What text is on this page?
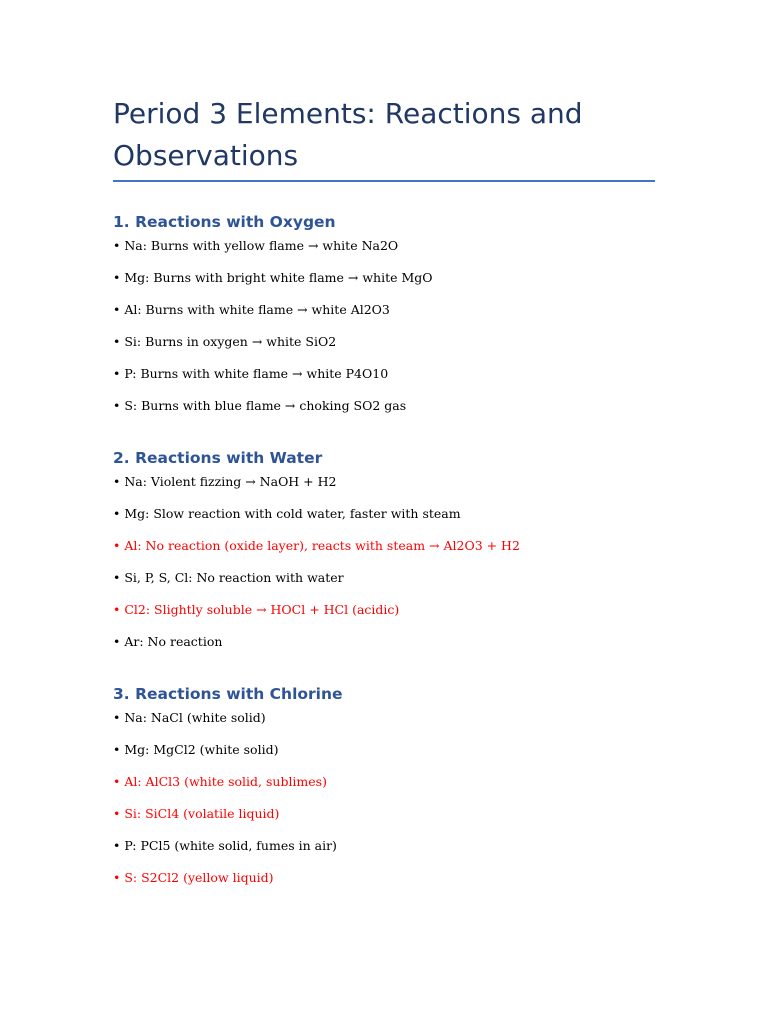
Period 3 Elements: Reactions and Observations
1. Reactions with Oxygen

• Na: Burns with yellow flame → white Na2O

• Mg: Burns with bright white flame → white MgO

• Al: Burns with white flame → white Al2O3

• Si: Burns in oxygen → white SiO2

• P: Burns with white flame → white P4O10

• S: Burns with blue flame → choking SO2 gas

2. Reactions with Water

• Na: Violent fizzing → NaOH + H2

• Mg: Slow reaction with cold water, faster with steam

• Al: No reaction (oxide layer), reacts with steam → Al2O3 + H2

• Si, P, S, Cl: No reaction with water

• Cl2: Slightly soluble → HOCl + HCl (acidic)

• Ar: No reaction

3. Reactions with Chlorine

• Na: NaCl (white solid)

• Mg: MgCl2 (white solid)

• Al: AlCl3 (white solid, sublimes)

• Si: SiCl4 (volatile liquid)

• P: PCl5 (white solid, fumes in air)

• S: S2Cl2 (yellow liquid)
